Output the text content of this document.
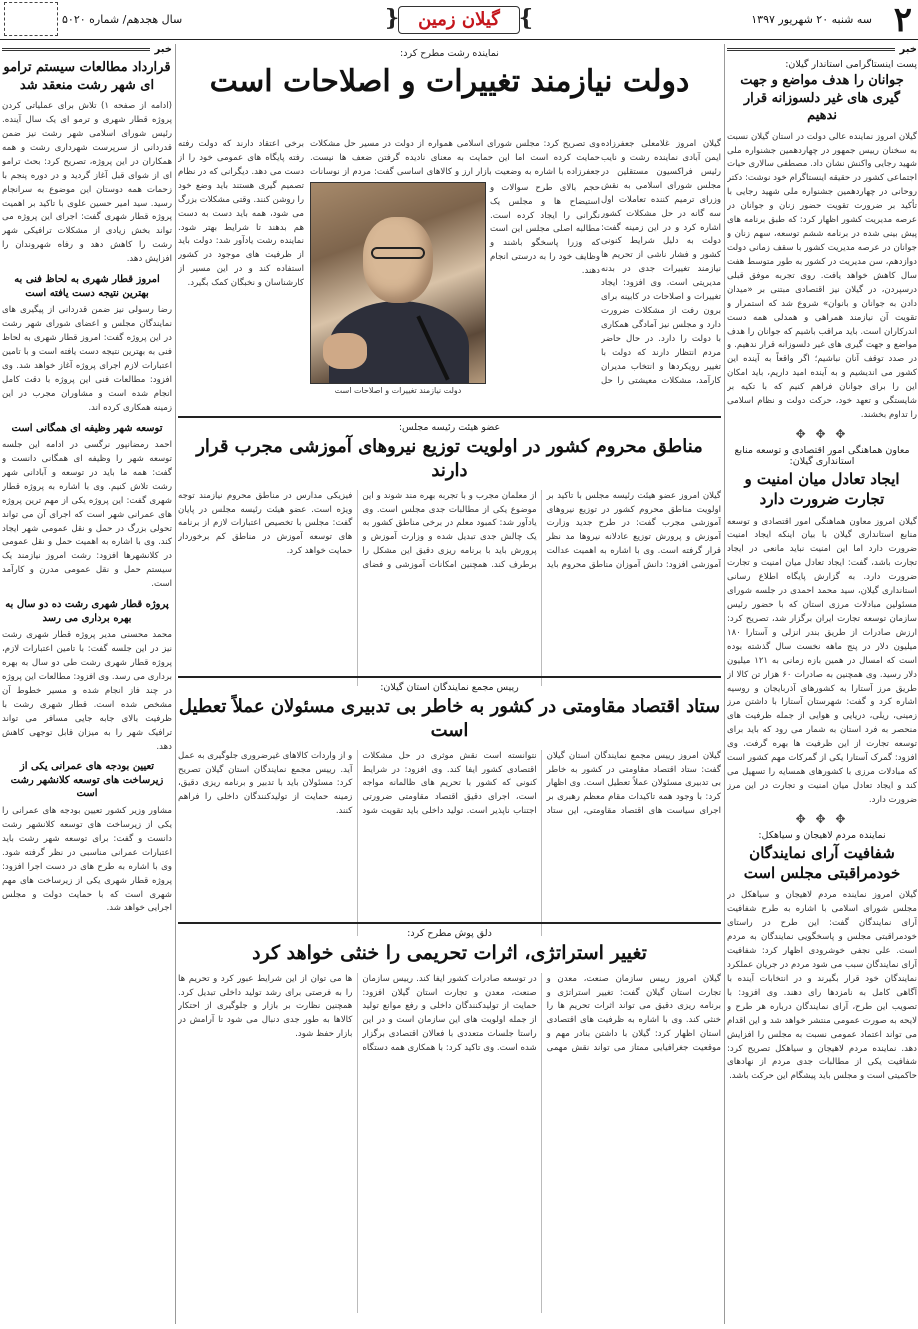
۲
سه شنبه ۲۰ شهریور ۱۳۹۷
} گیلان زمین {
سال هجدهم/ شماره ۵۰۲۰
خبر
پست اینستاگرامی استاندار گیلان:
جوانان را هدف مواضع و جهت گیری های غیر دلسوزانه قرار ندهیم

گیلان امروز نماینده عالی دولت در استان گیلان نسبت به سخنان رییس جمهور در چهاردهمین جشنواره ملی شهید رجایی واکنش نشان داد. مصطفی سالاری حیات اجتماعی کشور در حقیقه اینستاگرام خود نوشت: دکتر روحانی در چهاردهمین جشنواره ملی شهید رجایی با تأکید بر ضرورت تقویت حضور زنان و جوانان در عرصه مدیریت کشور اظهار کرد: که طبق برنامه های پیش بینی شده در برنامه ششم توسعه، سهم زنان و جوانان در عرصه مدیریت کشور با سقف زمانی دولت دوازدهم، سن مدیریت در کشور به طور متوسط هفت سال کاهش خواهد یافت. روی تجربه موفق قبلی درسپردن، در گیلان نیز اقتصادی مبتنی بر «میدان دادن به جوانان و بانوان» شروع شد که استمرار و تقویت آن نیازمند همراهی و همدلی همه دست اندرکاران است. باید مراقب باشیم که جوانان را هدف مواضع و جهت گیری های غیر دلسوزانه قرار ندهیم. و در صدد توقف آنان نباشیم؛ اگر واقعاً به آینده این کشور می اندیشیم و به آینده امید داریم، باید امکان این را برای جوانان فراهم کنیم که با تکیه بر شایستگی و تعهد خود، حرکت دولت و نظام اسلامی را تداوم بخشند.

✥ ✥ ✥
معاون هماهنگی امور اقتصادی و توسعه منابع استانداری گیلان:
ایجاد تعادل میان امنیت و تجارت ضرورت دارد

گیلان امروز معاون هماهنگی امور اقتصادی و توسعه منابع استانداری گیلان با بیان اینکه ایجاد امنیت ضرورت دارد اما این امنیت نباید مانعی در ایجاد تجارت باشد، گفت: ایجاد تعادل میان امنیت و تجارت ضرورت دارد. به گزارش پایگاه اطلاع رسانی استانداری گیلان، سید محمد احمدی در جلسه شورای مسئولین مبادلات مرزی استان که با حضور رئیس سازمان توسعه تجارت ایران برگزار شد، تصریح کرد: ارزش صادرات از طریق بندر انزلی و آستارا ۱۸۰ میلیون دلار در پنج ماهه نخست سال گذشته بوده است که امسال در همین بازه زمانی به ۱۲۱ میلیون دلار رسید. وی همچنین به صادرات ۶۰ هزار تن کالا از طریق مرز آستارا به کشورهای آذربایجان و روسیه اشاره کرد و گفت: شهرستان آستارا با داشتن مرز زمینی، ریلی، دریایی و هوایی از جمله ظرفیت های منحصر به فرد استان به شمار می رود که باید برای توسعه تجارت از این ظرفیت ها بهره گرفت. وی افزود: گمرک آستارا یکی از گمرکات مهم کشور است که مبادلات مرزی با کشورهای همسایه را تسهیل می کند و ایجاد تعادل میان امنیت و تجارت در این مرز ضرورت دارد.

✥ ✥ ✥
نماینده مردم لاهیجان و سیاهکل:
شفافیت آرای نمایندگان خودمراقبتی مجلس است

گیلان امروز نماینده مردم لاهیجان و سیاهکل در مجلس شورای اسلامی با اشاره به طرح شفافیت آرای نمایندگان گفت: این طرح در راستای خودمراقبتی مجلس و پاسخگویی نمایندگان به مردم است. علی نجفی خوشرودی اظهار کرد: شفافیت آرای نمایندگان سبب می شود مردم در جریان عملکرد نمایندگان خود قرار بگیرند و در انتخابات آینده با آگاهی کامل به نامزدها رای دهند. وی افزود: با تصویب این طرح، آرای نمایندگان درباره هر طرح و لایحه به صورت عمومی منتشر خواهد شد و این اقدام می تواند اعتماد عمومی نسبت به مجلس را افزایش دهد. نماینده مردم لاهیجان و سیاهکل تصریح کرد: شفافیت یکی از مطالبات جدی مردم از نهادهای حاکمیتی است و مجلس باید پیشگام این حرکت باشد.

نماینده رشت مطرح کرد:
دولت نیازمند تغییرات و اصلاحات است

گیلان امروز غلامعلی جعفرزاده ایمن آبادی نماینده رشت و نایب رئیس فراکسیون مستقلین در مجلس شورای اسلامی به نقش وزرای ترمیم کننده تعاملات اول سه گانه در حل مشکلات کشور اشاره کرد و در این زمینه گفت: دولت به دلیل شرایط کنونی کشور و فشار ناشی از تحریم ها نیازمند تغییرات جدی در بدنه مدیریتی است. وی افزود: ایجاد تغییرات و اصلاحات در کابینه برای برون رفت از مشکلات ضرورت دارد و مجلس نیز آمادگی همکاری با دولت را دارد. در حال حاضر مردم انتظار دارند که دولت با تغییر رویکردها و انتخاب مدیران کارآمد، مشکلات معیشتی را حل

برخی اعتقاد دارند که دولت رفته رفته پایگاه های عمومی خود را از دست می دهد. دیگرانی که در نظام تصمیم گیری هستند باید وضع خود را روشن کنند. وقتی مشکلات بزرگ می شود، همه باید دست به دست هم بدهند تا شرایط بهتر شود. نماینده رشت یادآور شد: دولت باید از ظرفیت های موجود در کشور استفاده کند و در این مسیر از کارشناسان و نخبگان کمک بگیرد.

وی تصریح کرد: مجلس شورای اسلامی همواره از دولت در مسیر حل مشکلات حمایت کرده است اما این حمایت به معنای نادیده گرفتن ضعف ها نیست. جعفرزاده با اشاره به وضعیت بازار ارز و کالاهای اساسی گفت: مردم از نوسانات

دولت نیازمند تغییرات و اصلاحات است

حجم بالای طرح سوالات و استیضاح ها و مجلس یک نگرانی را ایجاد کرده است. مطالبه اصلی مجلس این است که وزرا پاسخگو باشند و وظایف خود را به درستی انجام دهند.

عضو هیئت رئیسه مجلس:
مناطق محروم کشور در اولویت توزیع نیروهای آموزشی مجرب قرار دارند

گیلان امروز عضو هیئت رئیسه مجلس با تاکید بر اولویت مناطق محروم کشور در توزیع نیروهای آموزشی مجرب گفت: در طرح جدید وزارت آموزش و پرورش توزیع عادلانه نیروها مد نظر قرار گرفته است. وی با اشاره به اهمیت عدالت آموزشی افزود: دانش آموزان مناطق محروم باید از معلمان مجرب و با تجربه بهره مند شوند و این موضوع یکی از مطالبات جدی مجلس است. وی یادآور شد: کمبود معلم در برخی مناطق کشور به یک چالش جدی تبدیل شده و وزارت آموزش و پرورش باید با برنامه ریزی دقیق این مشکل را برطرف کند. همچنین امکانات آموزشی و فضای فیزیکی مدارس در مناطق محروم نیازمند توجه ویژه است. عضو هیئت رئیسه مجلس در پایان گفت: مجلس با تخصیص اعتبارات لازم از برنامه های توسعه آموزش در مناطق کم برخوردار حمایت خواهد کرد.

رییس مجمع نمایندگان استان گیلان:
ستاد اقتصاد مقاومتی در کشور به خاطر بی تدبیری مسئولان عملاً تعطیل است

گیلان امروز رییس مجمع نمایندگان استان گیلان گفت: ستاد اقتصاد مقاومتی در کشور به خاطر بی تدبیری مسئولان عملاً تعطیل است. وی اظهار کرد: با وجود همه تاکیدات مقام معظم رهبری بر اجرای سیاست های اقتصاد مقاومتی، این ستاد نتوانسته است نقش موثری در حل مشکلات اقتصادی کشور ایفا کند. وی افزود: در شرایط کنونی که کشور با تحریم های ظالمانه مواجه است، اجرای دقیق اقتصاد مقاومتی ضرورتی اجتناب ناپذیر است. تولید داخلی باید تقویت شود و از واردات کالاهای غیرضروری جلوگیری به عمل آید. رییس مجمع نمایندگان استان گیلان تصریح کرد: مسئولان باید با تدبیر و برنامه ریزی دقیق، زمینه حمایت از تولیدکنندگان داخلی را فراهم کنند.

دلق پوش مطرح کرد:
تغییر استراتژی، اثرات تحریمی را خنثی خواهد کرد

گیلان امروز رییس سازمان صنعت، معدن و تجارت استان گیلان گفت: تغییر استراتژی و برنامه ریزی دقیق می تواند اثرات تحریم ها را خنثی کند. وی با اشاره به ظرفیت های اقتصادی استان اظهار کرد: گیلان با داشتن بنادر مهم و موقعیت جغرافیایی ممتاز می تواند نقش مهمی در توسعه صادرات کشور ایفا کند. رییس سازمان صنعت، معدن و تجارت استان گیلان افزود: حمایت از تولیدکنندگان داخلی و رفع موانع تولید از جمله اولویت های این سازمان است و در این راستا جلسات متعددی با فعالان اقتصادی برگزار شده است. وی تاکید کرد: با همکاری همه دستگاه ها می توان از این شرایط عبور کرد و تحریم ها را به فرصتی برای رشد تولید داخلی تبدیل کرد. همچنین نظارت بر بازار و جلوگیری از احتکار کالاها به طور جدی دنبال می شود تا آرامش در بازار حفظ شود.

خبر
قرارداد مطالعات سیستم ترامو ای شهر رشت منعقد شد

(ادامه از صفحه ۱) تلاش برای عملیاتی کردن پروژه قطار شهری و ترمو ای یک سال آینده. رئیس شورای اسلامی شهر رشت نیز ضمن قدردانی از سرپرست شهرداری رشت و همه همکاران در این پروژه، تصریح کرد: بحث ترامو ای از شوای قبل آغاز گردید و در دوره پنجم با زحمات همه دوستان این موضوع به سرانجام رسید. سید امیر حسین علوی با تاکید بر اهمیت پروژه قطار شهری گفت: اجرای این پروژه می تواند بخش زیادی از مشکلات ترافیکی شهر رشت را کاهش دهد و رفاه شهروندان را افزایش دهد.

امروز قطار شهری به لحاظ فنی به بهترین نتیجه دست یافته است

رضا رسولی نیز ضمن قدردانی از پیگیری های نمایندگان مجلس و اعضای شورای شهر رشت در این پروژه گفت: امروز قطار شهری به لحاظ فنی به بهترین نتیجه دست یافته است و با تامین اعتبارات لازم اجرای پروژه آغاز خواهد شد. وی افزود: مطالعات فنی این پروژه با دقت کامل انجام شده است و مشاوران مجرب در این زمینه همکاری کرده اند.

توسعه شهر وظیفه ای همگانی است

احمد رمضانپور نرگسی در ادامه این جلسه توسعه شهر را وظیفه ای همگانی دانست و گفت: همه ما باید در توسعه و آبادانی شهر رشت تلاش کنیم. وی با اشاره به پروژه قطار شهری گفت: این پروژه یکی از مهم ترین پروژه های عمرانی شهر است که اجرای آن می تواند تحولی بزرگ در حمل و نقل عمومی شهر ایجاد کند. وی با اشاره به اهمیت حمل و نقل عمومی در کلانشهرها افزود: رشت امروز نیازمند یک سیستم حمل و نقل عمومی مدرن و کارآمد است.

پروژه قطار شهری رشت ده دو سال به بهره برداری می رسد

محمد محسنی مدیر پروژه قطار شهری رشت نیز در این جلسه گفت: با تامین اعتبارات لازم، پروژه قطار شهری رشت طی دو سال به بهره برداری می رسد. وی افزود: مطالعات این پروژه در چند فاز انجام شده و مسیر خطوط آن مشخص شده است. قطار شهری رشت با ظرفیت بالای جابه جایی مسافر می تواند ترافیک شهر را به میزان قابل توجهی کاهش دهد.

تعیین بودجه های عمرانی یکی از زیرساخت های توسعه کلانشهر رشت است

مشاور وزیر کشور تعیین بودجه های عمرانی را یکی از زیرساخت های توسعه کلانشهر رشت دانست و گفت: برای توسعه شهر رشت باید اعتبارات عمرانی مناسبی در نظر گرفته شود. وی با اشاره به طرح های در دست اجرا افزود: پروژه قطار شهری یکی از زیرساخت های مهم شهری است که با حمایت دولت و مجلس اجرایی خواهد شد.
